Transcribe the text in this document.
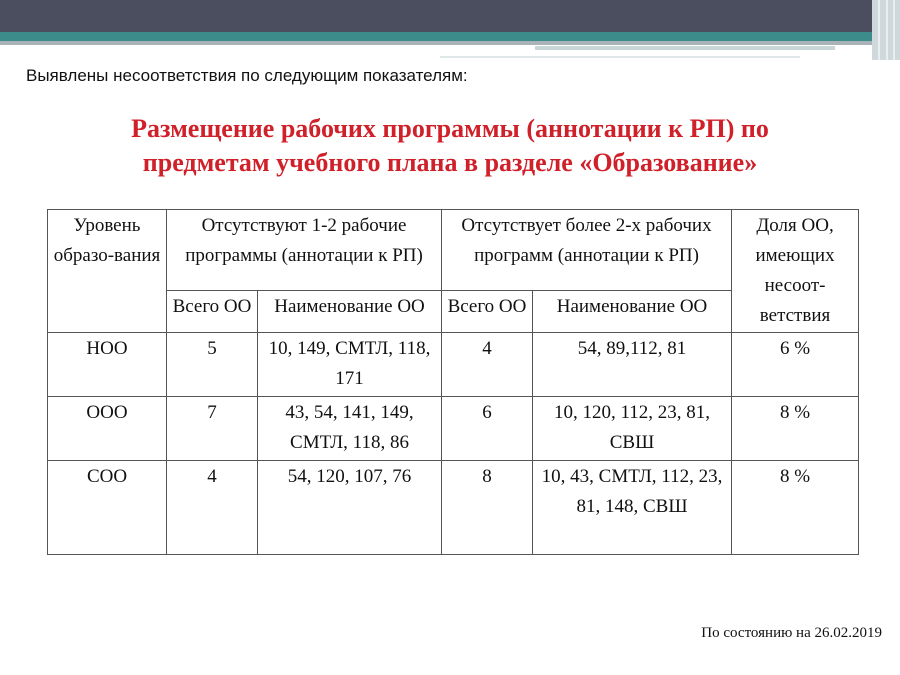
Выявлены несоответствия по следующим показателям:
Размещение рабочих программы (аннотации к РП) по
предметам учебного плана в разделе «Образование»
Уровень образо-вания	Отсутствуют 1-2 рабочие программы (аннотации к РП)		Отсутствует более 2-х рабочих программ (аннотации к РП)		Доля ОО, имеющих несоот-ветствия
	Всего ОО	Наименование ОО	Всего ОО	Наименование ОО	
НОО	5	10, 149, СМТЛ, 118, 171	4	54, 89,112, 81	6 %
ООО	7	43, 54, 141, 149, СМТЛ, 118, 86	6	10, 120, 112, 23, 81, СВШ	8 %
СОО	4	54, 120, 107, 76	8	10, 43, СМТЛ, 112, 23, 81, 148, СВШ	8 %
По состоянию на 26.02.2019
